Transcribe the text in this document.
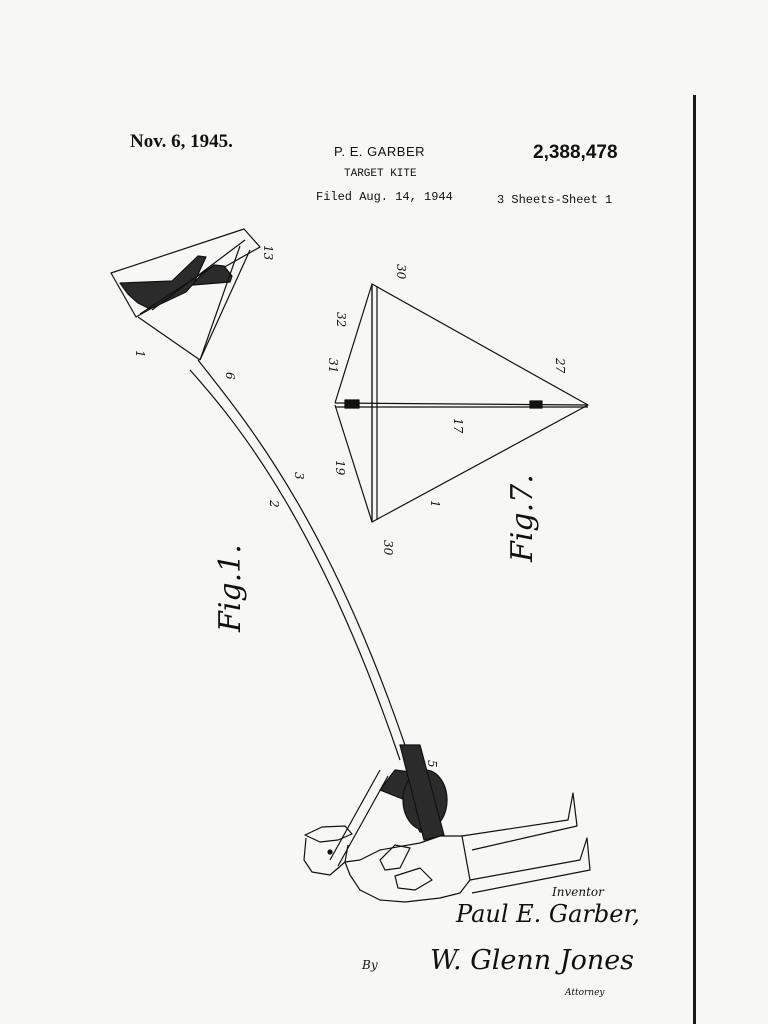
Nov. 6, 1945.	P. E. GARBER	2,388,478
TARGET KITE
Filed Aug. 14, 1944	3 Sheets-Sheet 1
Fig.1.
Fig.7.
13
1
6
3
2
5
30
32
31	27
17
19
1
30
Inventor
Paul E. Garber,
By W. Glenn Jones
Attorney
